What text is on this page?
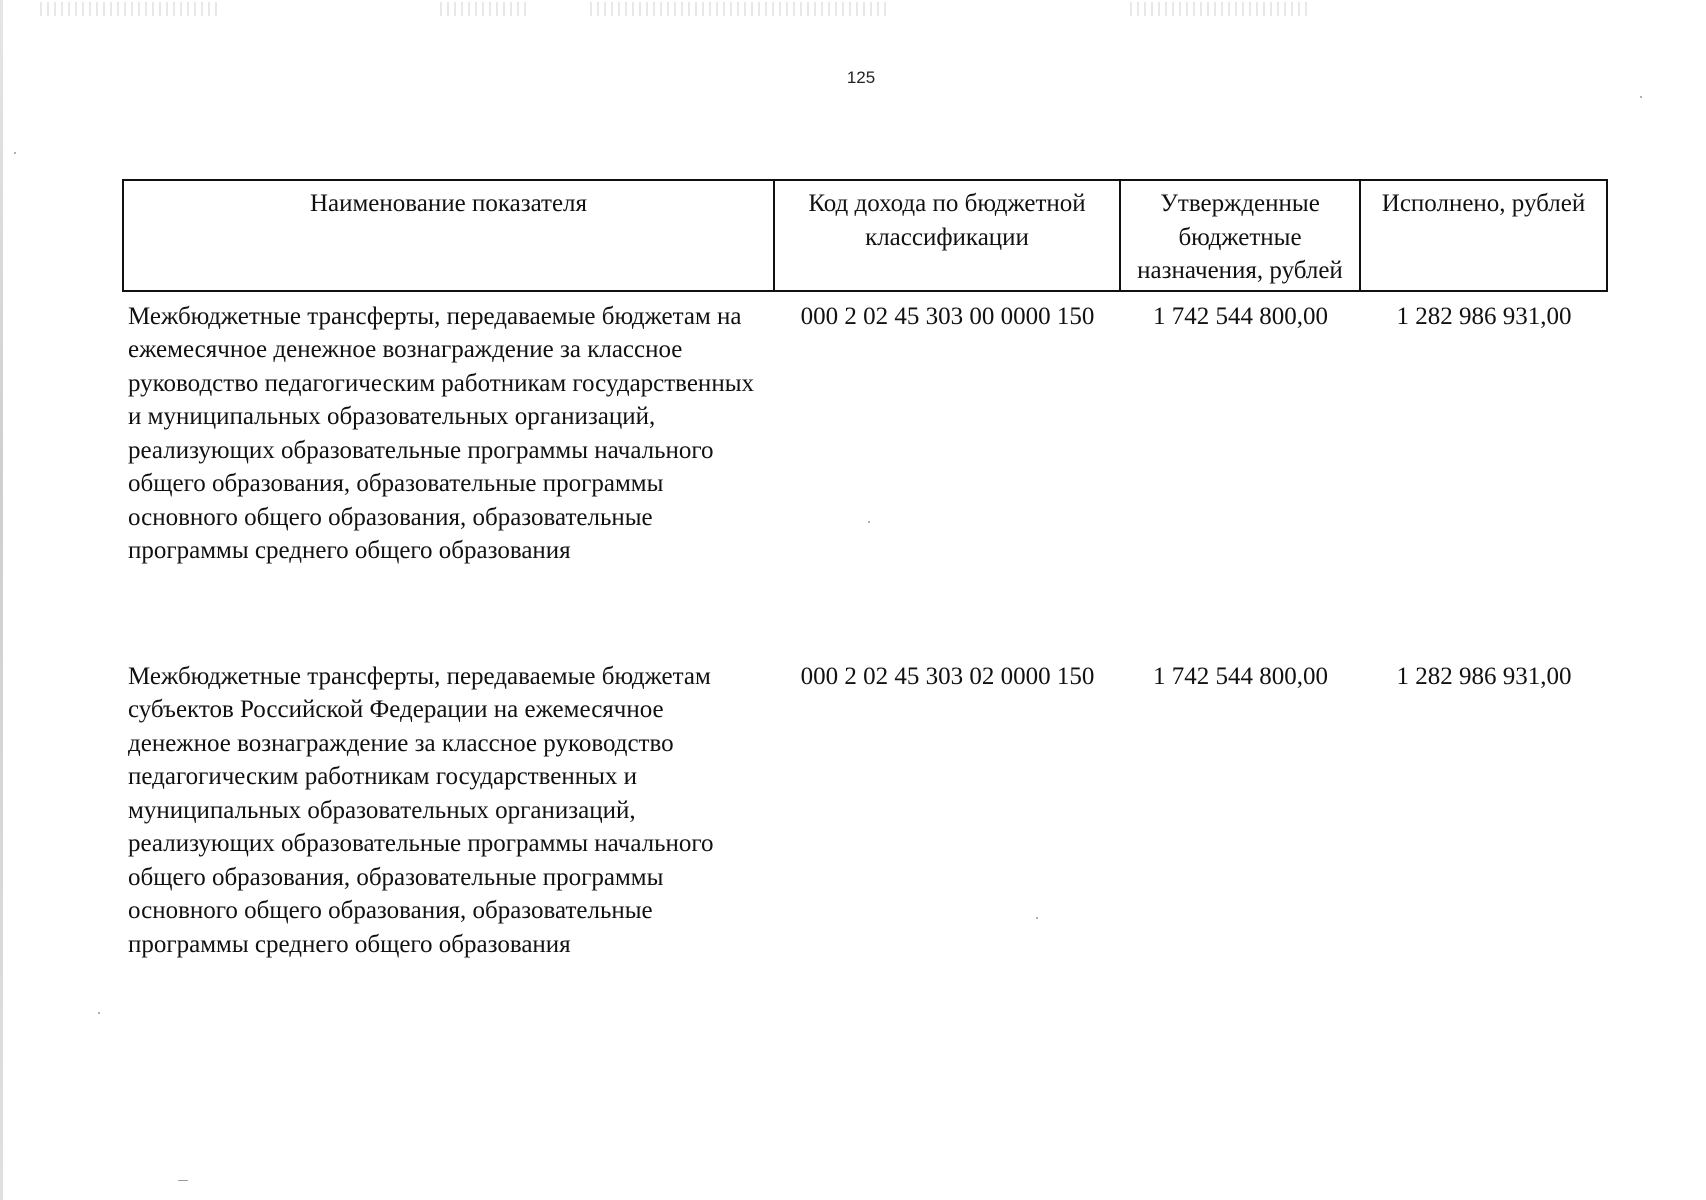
125
Наименование показателя	Код дохода по бюджетной классификации	Утвержденные бюджетные назначения, рублей	Исполнено, рублей
Межбюджетные трансферты, передаваемые бюджетам на ежемесячное денежное вознаграждение за классное руководство педагогическим работникам государственных и муниципальных образовательных организаций, реализующих образовательные программы начального общего образования, образовательные программы основного общего образования, образовательные программы среднего общего образования	000 2 02 45 303 00 0000 150	1 742 544 800,00	1 282 986 931,00
Межбюджетные трансферты, передаваемые бюджетам субъектов Российской Федерации на ежемесячное денежное вознаграждение за классное руководство педагогическим работникам государственных и муниципальных образовательных организаций, реализующих образовательные программы начального общего образования, образовательные программы основного общего образования, образовательные программы среднего общего образования	000 2 02 45 303 02 0000 150	1 742 544 800,00	1 282 986 931,00
